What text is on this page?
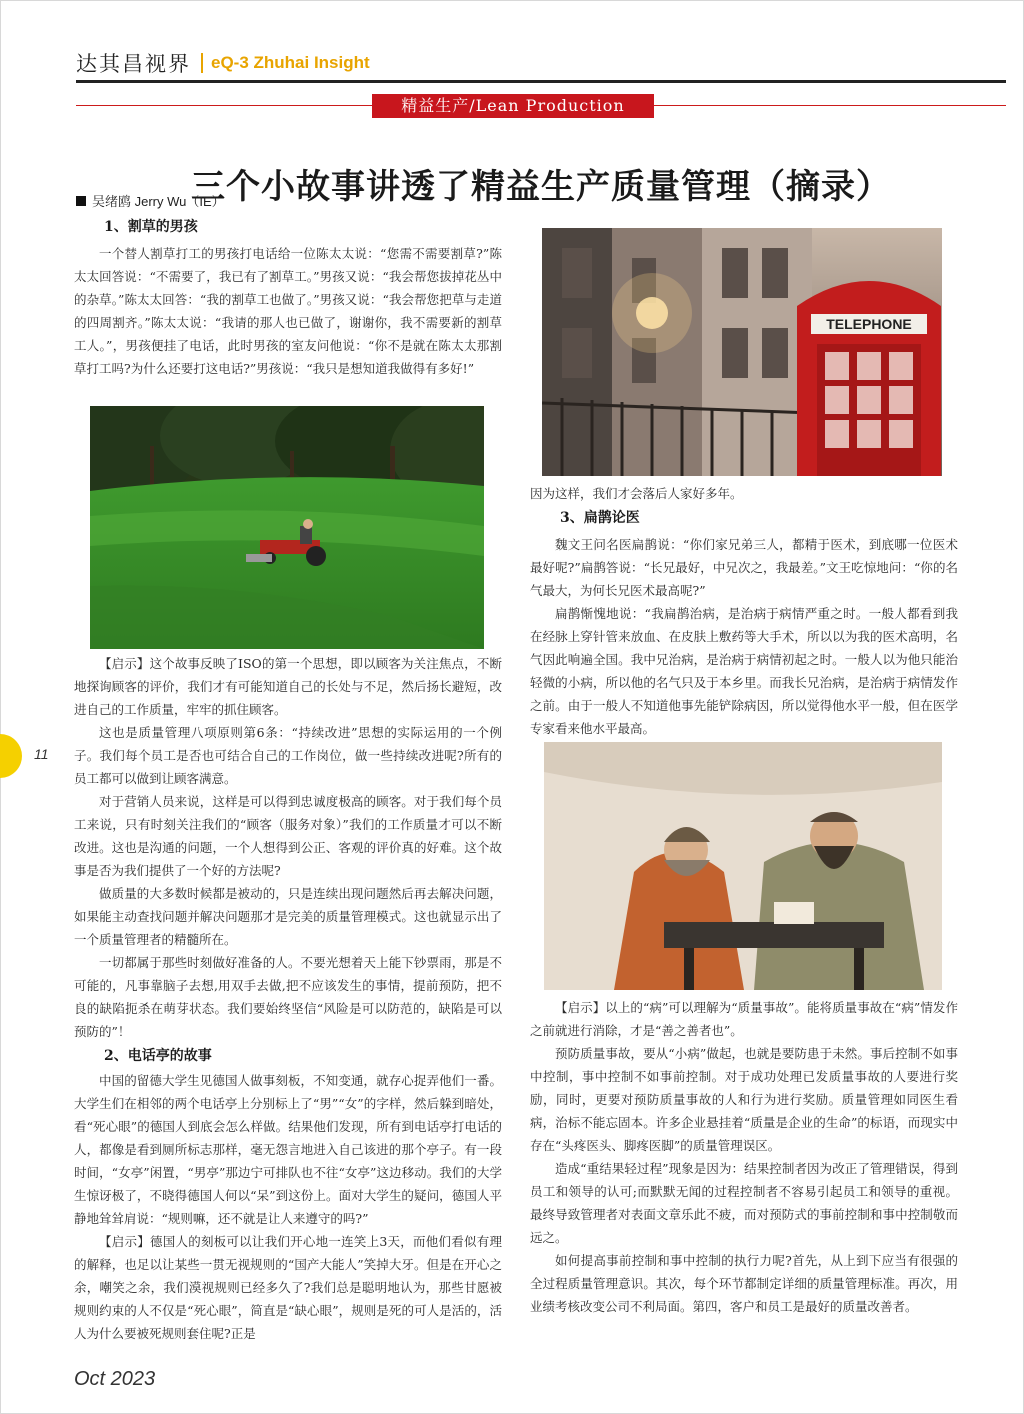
达其昌视界 eQ-3 Zhuhai Insight
精益生产/Lean Production
三个小故事讲透了精益生产质量管理（摘录）
吴绪鸥 Jerry Wu（IE）

1、割草的男孩

一个替人割草打工的男孩打电话给一位陈太太说：“您需不需要割草?”陈太太回答说：“不需要了，我已有了割草工。”男孩又说：“我会帮您拔掉花丛中的杂草。”陈太太回答：“我的割草工也做了。”男孩又说：“我会帮您把草与走道的四周割齐。”陈太太说：“我请的那人也已做了，谢谢你，我不需要新的割草工人。”，男孩便挂了电话，此时男孩的室友问他说：“你不是就在陈太太那割草打工吗?为什么还要打这电话?”男孩说：“我只是想知道我做得有多好!”

【启示】这个故事反映了ISO的第一个思想，即以顾客为关注焦点，不断地探询顾客的评价，我们才有可能知道自己的长处与不足，然后扬长避短，改进自己的工作质量，牢牢的抓住顾客。

这也是质量管理八项原则第6条：“持续改进”思想的实际运用的一个例子。我们每个员工是否也可结合自己的工作岗位，做一些持续改进呢?所有的员工都可以做到让顾客满意。

对于营销人员来说，这样是可以得到忠诚度极高的顾客。对于我们每个员工来说，只有时刻关注我们的“顾客（服务对象）”我们的工作质量才可以不断改进。这也是沟通的问题，一个人想得到公正、客观的评价真的好难。这个故事是否为我们提供了一个好的方法呢?

做质量的大多数时候都是被动的，只是连续出现问题然后再去解决问题，如果能主动查找问题并解决问题那才是完美的质量管理模式。这也就显示出了一个质量管理者的精髓所在。

一切都属于那些时刻做好准备的人。不要光想着天上能下钞票雨，那是不可能的，凡事靠脑子去想,用双手去做,把不应该发生的事情，提前预防，把不良的缺陷扼杀在萌芽状态。我们要始终坚信“风险是可以防范的，缺陷是可以预防的”！

2、电话亭的故事

中国的留德大学生见德国人做事刻板，不知变通，就存心捉弄他们一番。大学生们在相邻的两个电话亭上分别标上了“男”“女”的字样，然后躲到暗处，看“死心眼”的德国人到底会怎么样做。结果他们发现，所有到电话亭打电话的人，都像是看到厕所标志那样，毫无怨言地进入自己该进的那个亭子。有一段时间，“女亭”闲置，“男亭”那边宁可排队也不往“女亭”这边移动。我们的大学生惊讶极了，不晓得德国人何以“呆”到这份上。面对大学生的疑问，德国人平静地耸耸肩说：“规则嘛，还不就是让人来遵守的吗?”

【启示】德国人的刻板可以让我们开心地一连笑上3天，而他们看似有理的解释，也足以让某些一贯无视规则的“国产大能人”笑掉大牙。但是在开心之余，嘲笑之余，我们漠视规则已经多久了?我们总是聪明地认为，那些甘愿被规则约束的人不仅是“死心眼”，简直是“缺心眼”，规则是死的可人是活的，活人为什么要被死规则套住呢?正是

TELEPHONE

因为这样，我们才会落后人家好多年。

3、扁鹊论医

魏文王问名医扁鹊说：“你们家兄弟三人，都精于医术，到底哪一位医术最好呢?”扁鹊答说：“长兄最好，中兄次之，我最差。”文王吃惊地问：“你的名气最大，为何长兄医术最高呢?”

扁鹊惭愧地说：“我扁鹊治病，是治病于病情严重之时。一般人都看到我在经脉上穿针管来放血、在皮肤上敷药等大手术，所以以为我的医术高明，名气因此响遍全国。我中兄治病，是治病于病情初起之时。一般人以为他只能治轻微的小病，所以他的名气只及于本乡里。而我长兄治病，是治病于病情发作之前。由于一般人不知道他事先能铲除病因，所以觉得他水平一般，但在医学专家看来他水平最高。

【启示】以上的“病”可以理解为“质量事故”。能将质量事故在“病”情发作之前就进行消除，才是“善之善者也”。

预防质量事故，要从“小病”做起，也就是要防患于未然。事后控制不如事中控制，事中控制不如事前控制。对于成功处理已发质量事故的人要进行奖励，同时，更要对预防质量事故的人和行为进行奖励。质量管理如同医生看病，治标不能忘固本。许多企业悬挂着“质量是企业的生命”的标语，而现实中存在“头疼医头、脚疼医脚”的质量管理误区。

造成“重结果轻过程”现象是因为：结果控制者因为改正了管理错误，得到员工和领导的认可;而默默无闻的过程控制者不容易引起员工和领导的重视。最终导致管理者对表面文章乐此不疲，而对预防式的事前控制和事中控制敬而远之。

如何提高事前控制和事中控制的执行力呢?首先，从上到下应当有很强的全过程质量管理意识。其次，每个环节都制定详细的质量管理标准。再次，用业绩考核改变公司不利局面。第四，客户和员工是最好的质量改善者。

11
Oct 2023
